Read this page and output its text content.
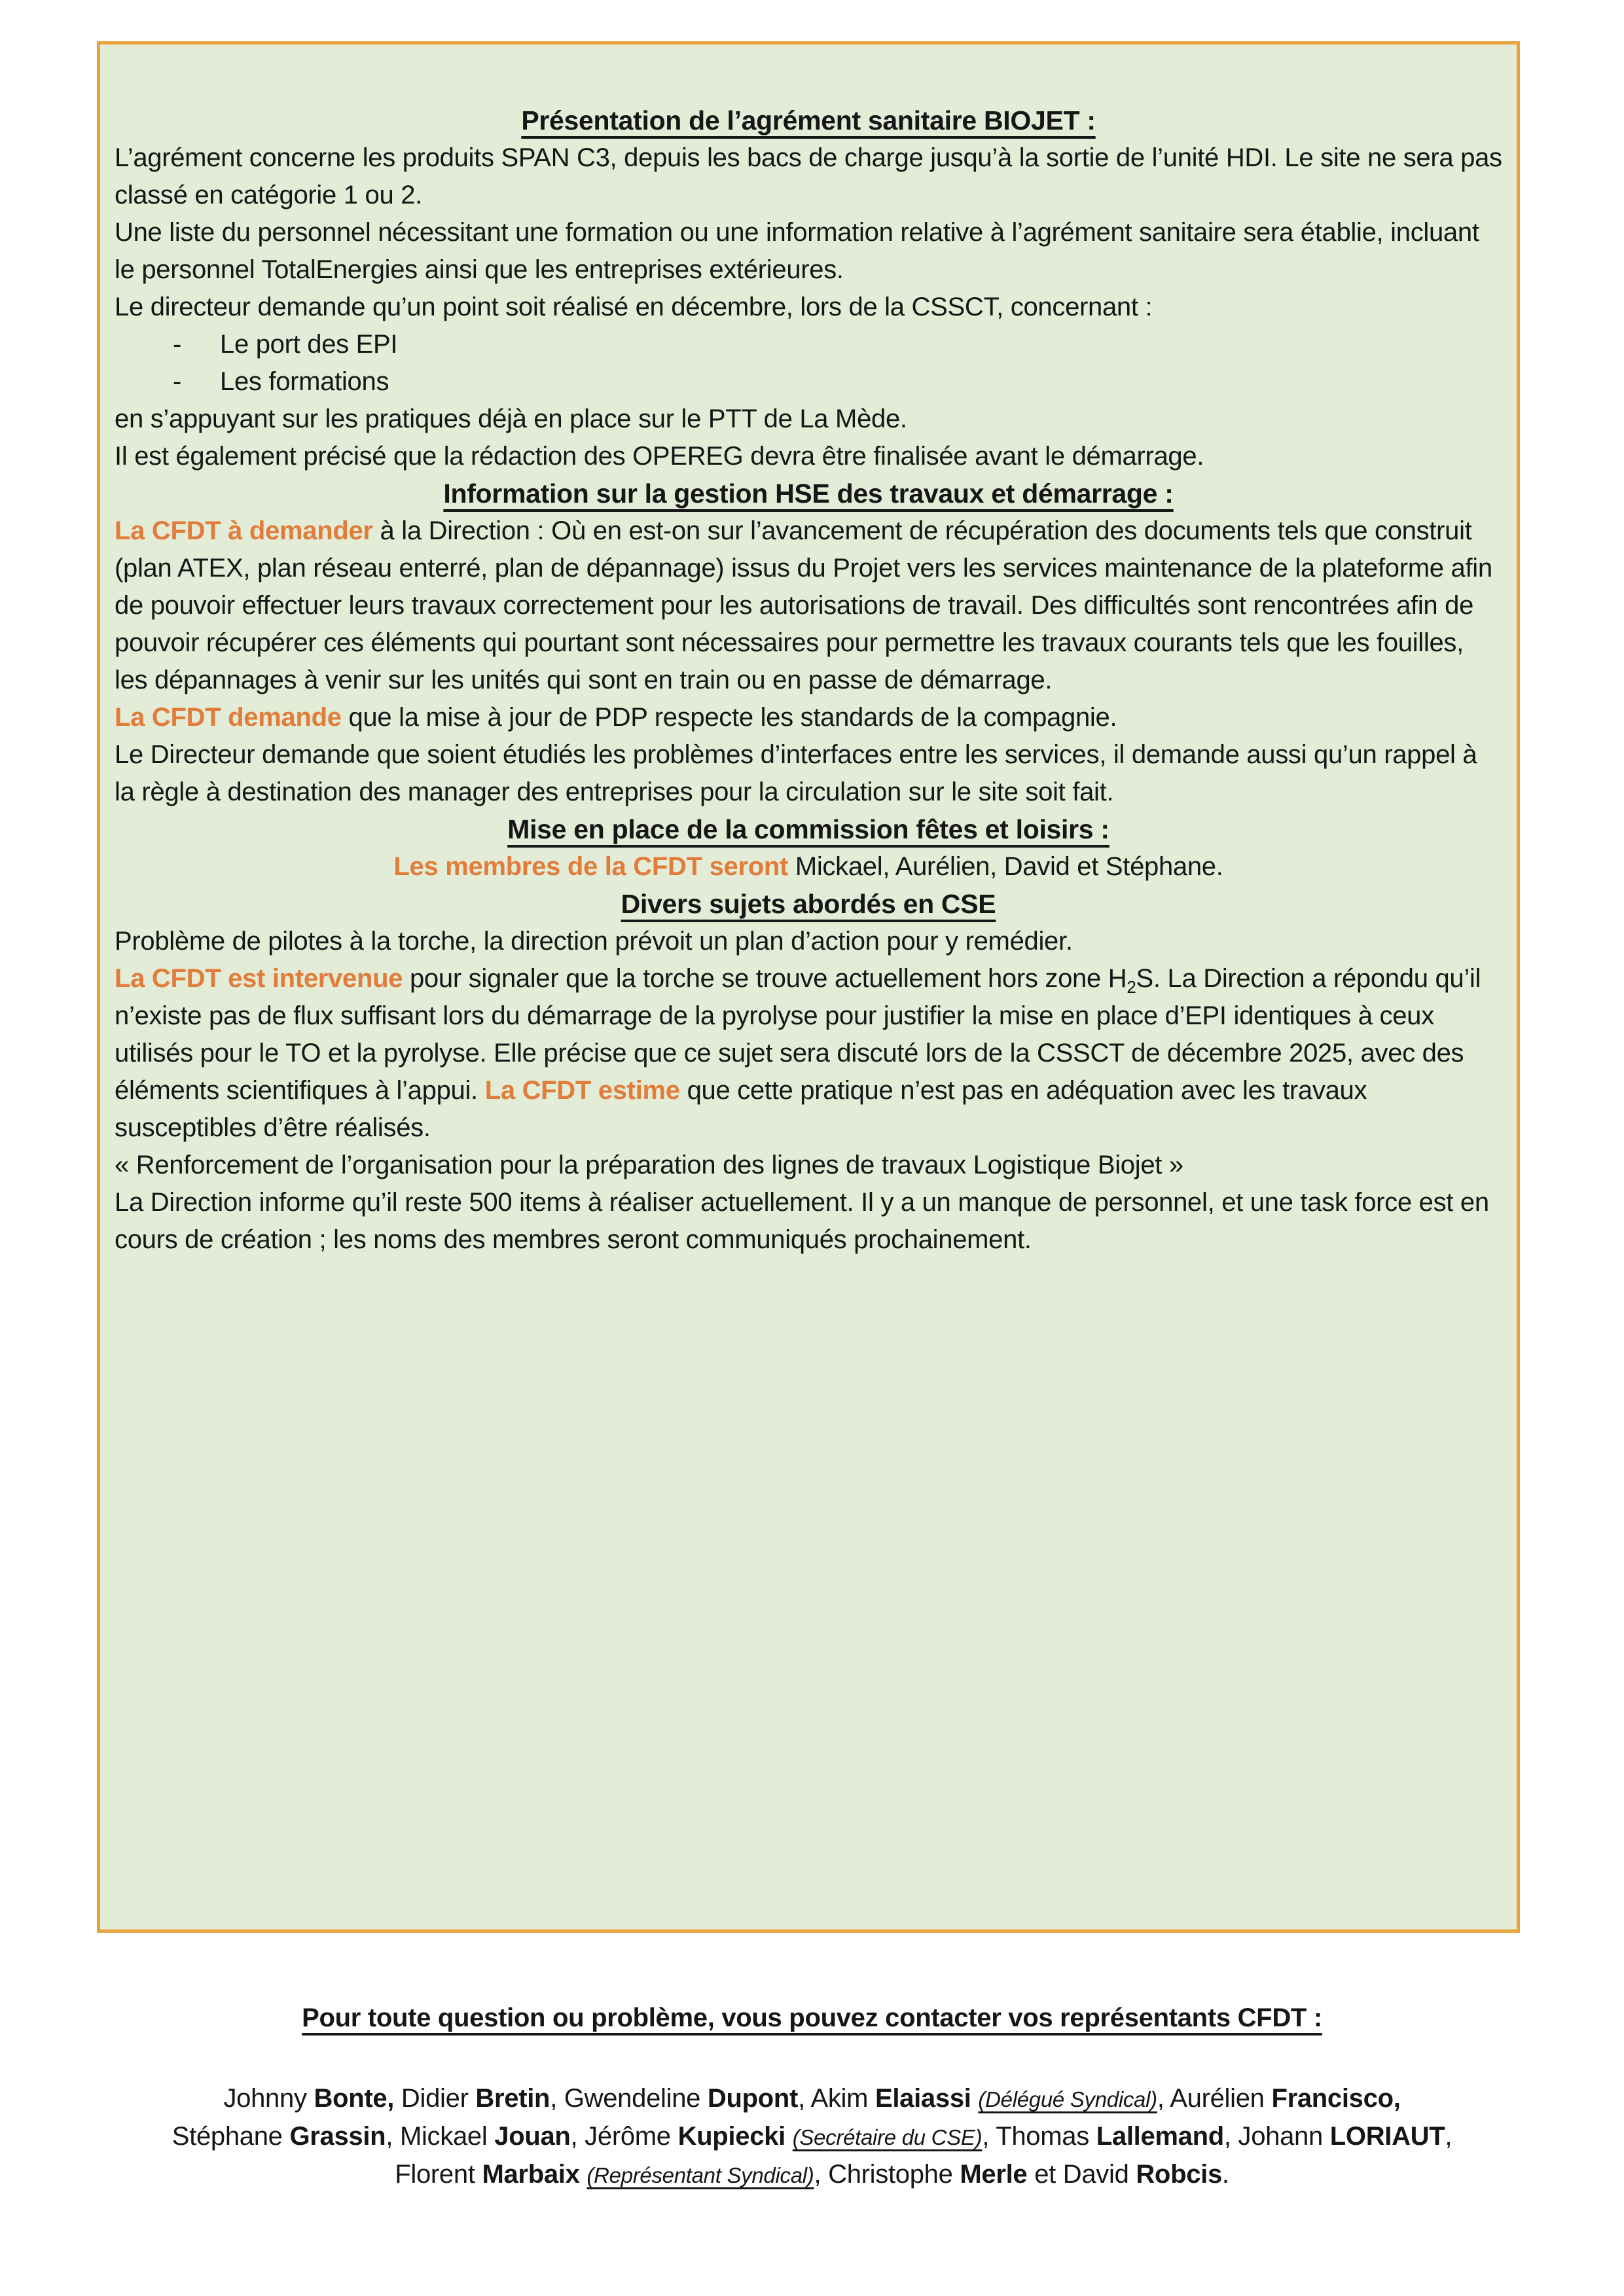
Présentation de l’agrément sanitaire BIOJET :

L’agrément concerne les produits SPAN C3, depuis les bacs de charge jusqu’à la sortie de l’unité HDI. Le site ne sera pas classé en catégorie 1 ou 2.

Une liste du personnel nécessitant une formation ou une information relative à l’agrément sanitaire sera établie, incluant le personnel TotalEnergies ainsi que les entreprises extérieures.

Le directeur demande qu’un point soit réalisé en décembre, lors de la CSSCT, concernant :

- Le port des EPI

- Les formations

en s’appuyant sur les pratiques déjà en place sur le PTT de La Mède.

Il est également précisé que la rédaction des OPEREG devra être finalisée avant le démarrage.

Information sur la gestion HSE des travaux et démarrage :

La CFDT à demander à la Direction : Où en est-on sur l’avancement de récupération des documents tels que construit (plan ATEX, plan réseau enterré, plan de dépannage) issus du Projet vers les services maintenance de la plateforme afin de pouvoir effectuer leurs travaux correctement pour les autorisations de travail. Des difficultés sont rencontrées afin de pouvoir récupérer ces éléments qui pourtant sont nécessaires pour permettre les travaux courants tels que les fouilles, les dépannages à venir sur les unités qui sont en train ou en passe de démarrage.

La CFDT demande que la mise à jour de PDP respecte les standards de la compagnie.

Le Directeur demande que soient étudiés les problèmes d’interfaces entre les services, il demande aussi qu’un rappel à la règle à destination des manager des entreprises pour la circulation sur le site soit fait.

Mise en place de la commission fêtes et loisirs :

Les membres de la CFDT seront Mickael, Aurélien, David et Stéphane.

Divers sujets abordés en CSE

Problème de pilotes à la torche, la direction prévoit un plan d’action pour y remédier.

La CFDT est intervenue pour signaler que la torche se trouve actuellement hors zone $H_2S$. La Direction a répondu qu’il n’existe pas de flux suffisant lors du démarrage de la pyrolyse pour justifier la mise en place d’EPI identiques à ceux utilisés pour le TO et la pyrolyse. Elle précise que ce sujet sera discuté lors de la CSSCT de décembre 2025, avec des éléments scientifiques à l’appui. La CFDT estime que cette pratique n’est pas en adéquation avec les travaux susceptibles d’être réalisés.

« Renforcement de l’organisation pour la préparation des lignes de travaux Logistique Biojet »

La Direction informe qu’il reste 500 items à réaliser actuellement. Il y a un manque de personnel, et une task force est en cours de création ; les noms des membres seront communiqués prochainement.

Pour toute question ou problème, vous pouvez contacter vos représentants CFDT :

Johnny Bonte, Didier Bretin, Gwendeline Dupont, Akim Elaiassi (Délégué Syndical), Aurélien Francisco,
Stéphane Grassin, Mickael Jouan, Jérôme Kupiecki (Secrétaire du CSE), Thomas Lallemand, Johann LORIAUT,
Florent Marbaix (Représentant Syndical), Christophe Merle et David Robcis.
